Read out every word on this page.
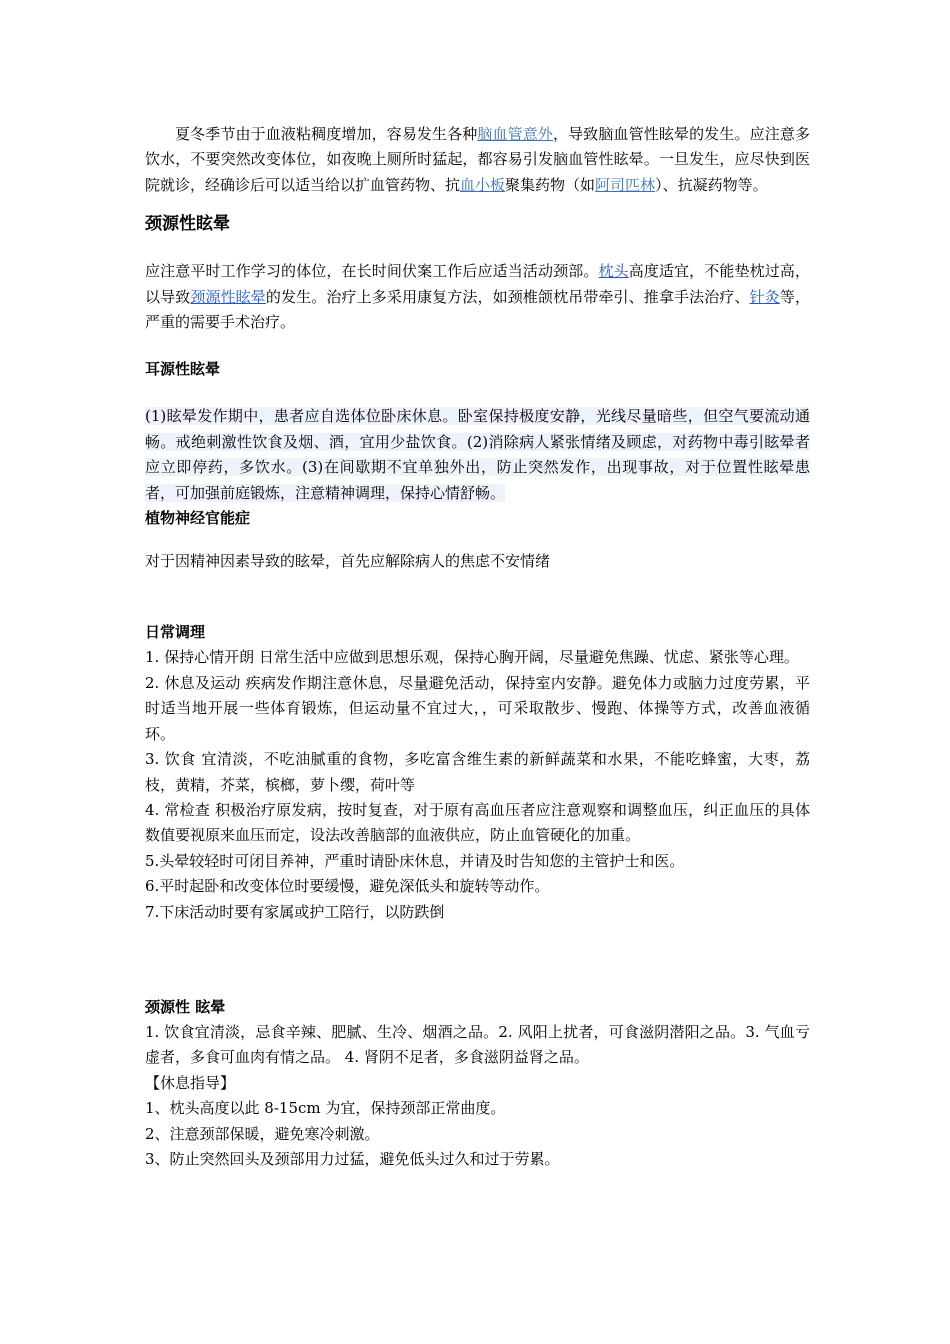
夏冬季节由于血液粘稠度增加，容易发生各种脑血管意外，导致脑血管性眩晕的发生。应注意多饮水，不要突然改变体位，如夜晚上厕所时猛起，都容易引发脑血管性眩晕。一旦发生，应尽快到医院就诊，经确诊后可以适当给以扩血管药物、抗血小板聚集药物（如阿司匹林）、抗凝药物等。

颈源性眩晕

应注意平时工作学习的体位，在长时间伏案工作后应适当活动颈部。枕头高度适宜，不能垫枕过高，以导致颈源性眩晕的发生。治疗上多采用康复方法，如颈椎颌枕吊带牵引、推拿手法治疗、针灸等，严重的需要手术治疗。

耳源性眩晕

(1)眩晕发作期中，患者应自选体位卧床休息。卧室保持极度安静，光线尽量暗些，但空气要流动通畅。戒绝刺激性饮食及烟、酒，宜用少盐饮食。(2)消除病人紧张情绪及顾虑，对药物中毒引眩晕者应立即停药，多饮水。(3)在间歇期不宜单独外出，防止突然发作，出现事故，对于位置性眩晕患者，可加强前庭锻炼，注意精神调理，保持心情舒畅。

植物神经官能症

对于因精神因素导致的眩晕，首先应解除病人的焦虑不安情绪

日常调理

1. 保持心情开朗 日常生活中应做到思想乐观，保持心胸开阔，尽量避免焦躁、忧虑、紧张等心理。

2. 休息及运动 疾病发作期注意休息，尽量避免活动，保持室内安静。避免体力或脑力过度劳累，平时适当地开展一些体育锻炼，但运动量不宜过大，，可采取散步、慢跑、体操等方式，改善血液循环。

3. 饮食 宜清淡，不吃油腻重的食物，多吃富含维生素的新鲜蔬菜和水果，不能吃蜂蜜，大枣，荔枝，黄精，芥菜，槟榔，萝卜缨，荷叶等

4. 常检查 积极治疗原发病，按时复查，对于原有高血压者应注意观察和调整血压，纠正血压的具体数值要视原来血压而定，设法改善脑部的血液供应，防止血管硬化的加重。

5.头晕较轻时可闭目养神，严重时请卧床休息，并请及时告知您的主管护士和医。

6.平时起卧和改变体位时要缓慢，避免深低头和旋转等动作。

7.下床活动时要有家属或护工陪行，以防跌倒

颈源性 眩晕

1. 饮食宜清淡，忌食辛辣、肥腻、生冷、烟酒之品。2. 风阳上扰者，可食滋阴潜阳之品。3. 气血亏虚者，多食可血肉有情之品。 4. 肾阴不足者，多食滋阴益肾之品。

【休息指导】

1、枕头高度以此 8-15cm 为宜，保持颈部正常曲度。

2、注意颈部保暖，避免寒冷刺激。

3、防止突然回头及颈部用力过猛，避免低头过久和过于劳累。
